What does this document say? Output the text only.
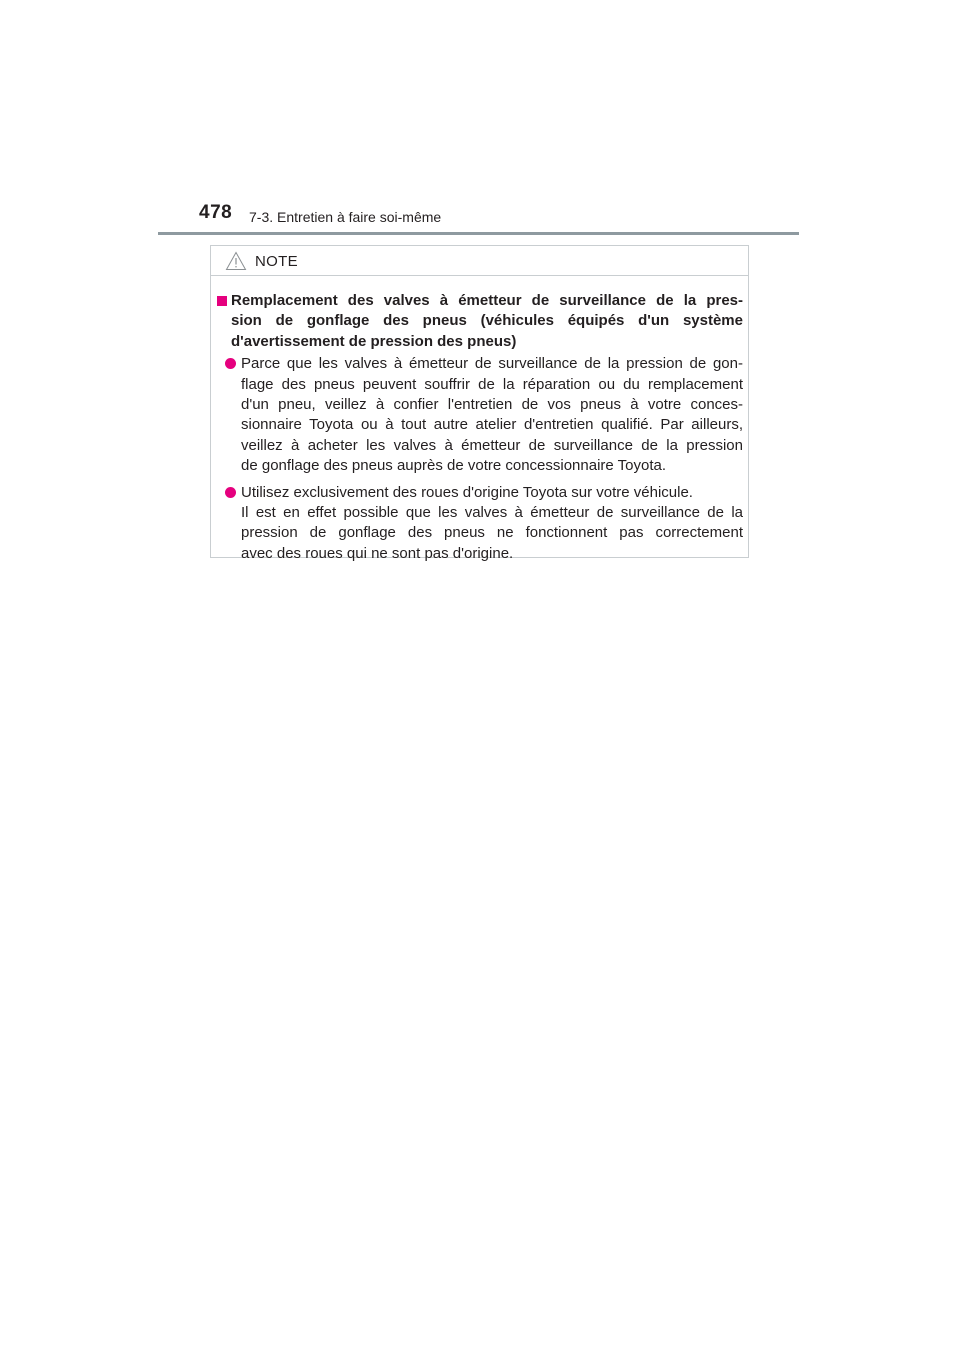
478 7-3. Entretien à faire soi-même
NOTE
Remplacement des valves à émetteur de surveillance de la pres-
sion de gonflage des pneus (véhicules équipés d'un système
d'avertissement de pression des pneus)
Parce que les valves à émetteur de surveillance de la pression de gon-
flage des pneus peuvent souffrir de la réparation ou du remplacement
d'un pneu, veillez à confier l'entretien de vos pneus à votre conces-
sionnaire Toyota ou à tout autre atelier d'entretien qualifié. Par ailleurs,
veillez à acheter les valves à émetteur de surveillance de la pression
de gonflage des pneus auprès de votre concessionnaire Toyota.
Utilisez exclusivement des roues d'origine Toyota sur votre véhicule.
Il est en effet possible que les valves à émetteur de surveillance de la
pression de gonflage des pneus ne fonctionnent pas correctement
avec des roues qui ne sont pas d'origine.
